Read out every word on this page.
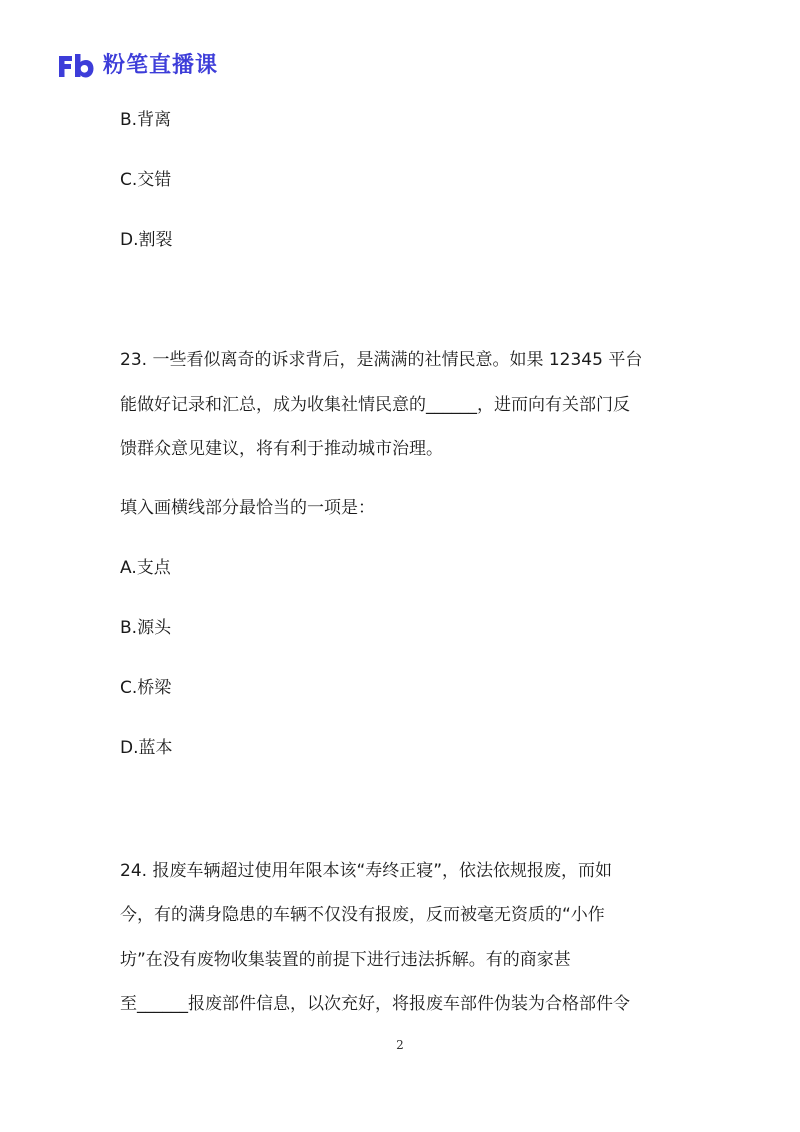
粉笔直播课
B.背离
C.交错
D.割裂
23. 一些看似离奇的诉求背后，是满满的社情民意。如果 12345 平台
能做好记录和汇总，成为收集社情民意的______，进而向有关部门反
馈群众意见建议，将有利于推动城市治理。
填入画横线部分最恰当的一项是：
A.支点
B.源头
C.桥梁
D.蓝本
24. 报废车辆超过使用年限本该“寿终正寝”，依法依规报废，而如
今，有的满身隐患的车辆不仅没有报废，反而被毫无资质的“小作
坊”在没有废物收集装置的前提下进行违法拆解。有的商家甚
至______报废部件信息，以次充好，将报废车部件伪装为合格部件令
2
